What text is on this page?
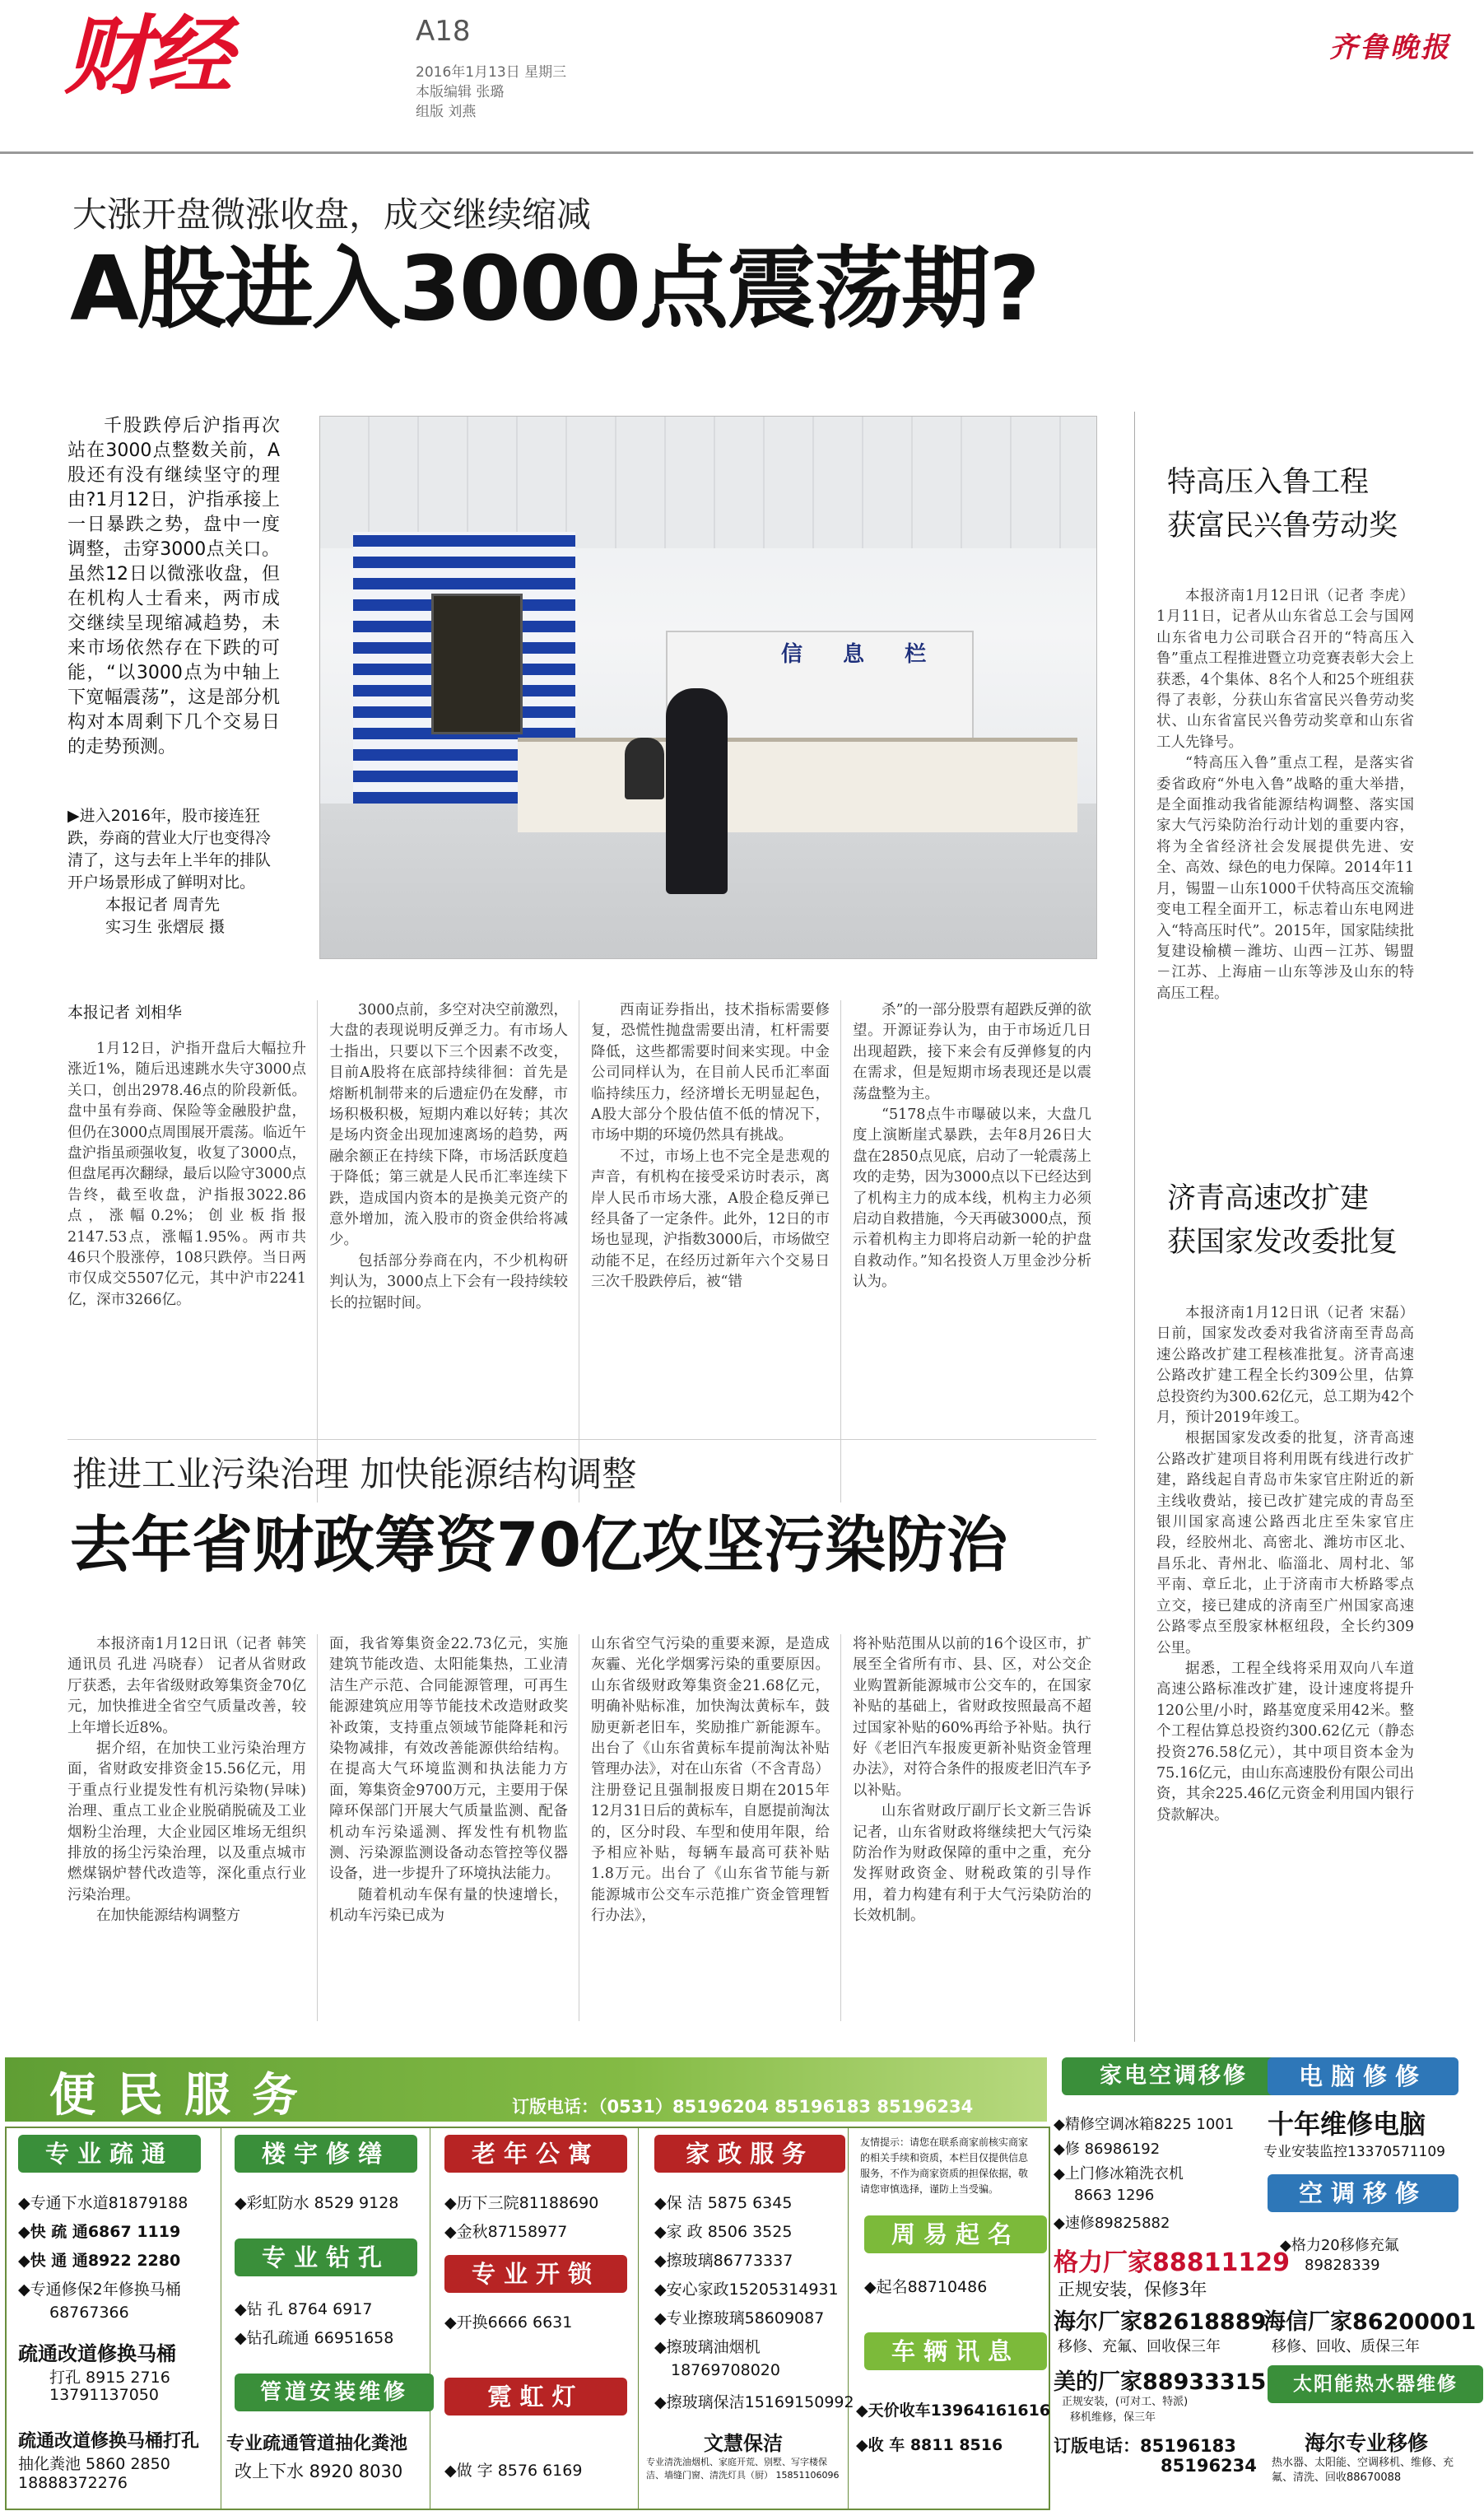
财经	A18
2016年1月13日 星期三
本版编辑 张璐
组版 刘燕
齐鲁晚报
大涨开盘微涨收盘，成交继续缩减
A股进入3000点震荡期?

千股跌停后沪指再次站在3000点整数关前，A股还有没有继续坚守的理由?1月12日，沪指承接上一日暴跌之势，盘中一度调整，击穿3000点关口。虽然12日以微涨收盘，但在机构人士看来，两市成交继续呈现缩减趋势，未来市场依然存在下跌的可能，“以3000点为中轴上下宽幅震荡”，这是部分机构对本周剩下几个交易日的走势预测。

▶进入2016年，股市接连狂跌，券商的营业大厅也变得冷清了，这与去年上半年的排队开户场景形成了鲜明对比。

本报记者 周青先

实习生 张熠辰 摄

信 息 栏
本报记者 刘相华

1月12日，沪指开盘后大幅拉升涨近1%，随后迅速跳水失守3000点关口，创出2978.46点的阶段新低。盘中虽有券商、保险等金融股护盘，但仍在3000点周围展开震荡。临近午盘沪指虽顽强收复，收复了3000点，但盘尾再次翻绿，最后以险守3000点告终，截至收盘，沪指报3022.86点，涨幅0.2%；创业板指报2147.53点，涨幅1.95%。两市共46只个股涨停，108只跌停。当日两市仅成交5507亿元，其中沪市2241亿，深市3266亿。

3000点前，多空对决空前激烈，大盘的表现说明反弹乏力。有市场人士指出，只要以下三个因素不改变，目前A股将在底部持续徘徊：首先是熔断机制带来的后遗症仍在发酵，市场积极积极，短期内难以好转；其次是场内资金出现加速离场的趋势，两融余额正在持续下降，市场活跃度趋于降低；第三就是人民币汇率连续下跌，造成国内资本的是换美元资产的意外增加，流入股市的资金供给将减少。

包括部分券商在内，不少机构研判认为，3000点上下会有一段持续较长的拉锯时间。

西南证券指出，技术指标需要修复，恐慌性抛盘需要出清，杠杆需要降低，这些都需要时间来实现。中金公司同样认为，在目前人民币汇率面临持续压力，经济增长无明显起色，A股大部分个股估值不低的情况下，市场中期的环境仍然具有挑战。

不过，市场上也不完全是悲观的声音，有机构在接受采访时表示，离岸人民币市场大涨，A股企稳反弹已经具备了一定条件。此外，12日的市场也显现，沪指数3000后，市场做空动能不足，在经历过新年六个交易日三次千股跌停后，被“错

杀”的一部分股票有超跌反弹的欲望。开源证券认为，由于市场近几日出现超跌，接下来会有反弹修复的内在需求，但是短期市场表现还是以震荡盘整为主。

“5178点牛市曝破以来，大盘几度上演断崖式暴跌，去年8月26日大盘在2850点见底，启动了一轮震荡上攻的走势，因为3000点以下已经达到了机构主力的成本线，机构主力必须启动自救措施，今天再破3000点，预示着机构主力即将启动新一轮的护盘自救动作。”知名投资人万里金沙分析认为。

特高压入鲁工程
获富民兴鲁劳动奖

本报济南1月12日讯（记者 李虎） 1月11日，记者从山东省总工会与国网山东省电力公司联合召开的“特高压入鲁”重点工程推进暨立功竞赛表彰大会上获悉，4个集体、8名个人和25个班组获得了表彰，分获山东省富民兴鲁劳动奖状、山东省富民兴鲁劳动奖章和山东省工人先锋号。

“特高压入鲁”重点工程，是落实省委省政府“外电入鲁”战略的重大举措，是全面推动我省能源结构调整、落实国家大气污染防治行动计划的重要内容，将为全省经济社会发展提供先进、安全、高效、绿色的电力保障。2014年11月，锡盟－山东1000千伏特高压交流输变电工程全面开工，标志着山东电网进入“特高压时代”。2015年，国家陆续批复建设榆横－潍坊、山西－江苏、锡盟－江苏、上海庙－山东等涉及山东的特高压工程。

济青高速改扩建
获国家发改委批复

本报济南1月12日讯（记者 宋磊） 日前，国家发改委对我省济南至青岛高速公路改扩建工程核准批复。济青高速公路改扩建工程全长约309公里，估算总投资约为300.62亿元，总工期为42个月，预计2019年竣工。

根据国家发改委的批复，济青高速公路改扩建项目将利用既有线进行改扩建，路线起自青岛市朱家官庄附近的新主线收费站，接已改扩建完成的青岛至银川国家高速公路西北庄至朱家官庄段，经胶州北、高密北、潍坊市区北、昌乐北、青州北、临淄北、周村北、邹平南、章丘北，止于济南市大桥路零点立交，接已建成的济南至广州国家高速公路零点至殷家林枢纽段，全长约309公里。

据悉，工程全线将采用双向八车道高速公路标准改扩建，设计速度将提升120公里/小时，路基宽度采用42米。整个工程估算总投资约300.62亿元（静态投资276.58亿元），其中项目资本金为75.16亿元，由山东高速股份有限公司出资，其余225.46亿元资金利用国内银行贷款解决。

推进工业污染治理 加快能源结构调整
去年省财政筹资70亿攻坚污染防治

本报济南1月12日讯（记者 韩笑 通讯员 孔进 冯晓春） 记者从省财政厅获悉，去年省级财政筹集资金70亿元，加快推进全省空气质量改善，较上年增长近8%。

据介绍，在加快工业污染治理方面，省财政安排资金15.56亿元，用于重点行业提发性有机污染物(异味)治理、重点工业企业脱硝脱硫及工业烟粉尘治理，大企业园区堆场无组织排放的扬尘污染治理，以及重点城市燃煤锅炉替代改造等，深化重点行业污染治理。

在加快能源结构调整方

面，我省筹集资金22.73亿元，实施建筑节能改造、太阳能集热，工业清洁生产示范、合同能源管理，可再生能源建筑应用等节能技术改造财政奖补政策，支持重点领域节能降耗和污染物减排，有效改善能源供给结构。在提高大气环境监测和执法能力方面，筹集资金9700万元，主要用于保障环保部门开展大气质量监测、配备机动车污染遥测、挥发性有机物监测、污染源监测设备动态管控等仪器设备，进一步提升了环境执法能力。

随着机动车保有量的快速增长，机动车污染已成为

山东省空气污染的重要来源，是造成灰霾、光化学烟雾污染的重要原因。山东省级财政筹集资金21.68亿元，明确补贴标准，加快淘汰黄标车，鼓励更新老旧车，奖励推广新能源车。出台了《山东省黄标车提前淘汰补贴管理办法》，对在山东省（不含青岛）注册登记且强制报废日期在2015年12月31日后的黄标车，自愿提前淘汰的，区分时段、车型和使用年限，给予相应补贴，每辆车最高可获补贴1.8万元。出台了《山东省节能与新能源城市公交车示范推广资金管理暂行办法》，

将补贴范围从以前的16个设区市，扩展至全省所有市、县、区，对公交企业购置新能源城市公交车的，在国家补贴的基础上，省财政按照最高不超过国家补贴的60%再给予补贴。执行好《老旧汽车报废更新补贴资金管理办法》，对符合条件的报废老旧汽车予以补贴。

山东省财政厅副厅长文新三告诉记者，山东省财政将继续把大气污染防治作为财政保障的重中之重，充分发挥财政资金、财税政策的引导作用，着力构建有利于大气污染防治的长效机制。

便民服务	订版电话：（0531）85196204 85196183 85196234
专业疏通
◆专通下水道81879188
◆快 疏 通6867 1119
◆快 通 通8922 2280
◆专通修保2年修换马桶
68767366
疏通改道修换马桶
打孔 8915 2716
13791137050
疏通改道修换马桶打孔
抽化粪池 5860 2850
18888372276
楼宇修缮
◆彩虹防水 8529 9128
专业钻孔
◆钻 孔 8764 6917
◆钻孔疏通 66951658
管道安装维修
专业疏通管道抽化粪池
改上下水 8920 8030
老年公寓
◆历下三院81188690
◆金秋87158977
专业开锁
◆开换6666 6631
霓虹灯
◆做 字 8576 6169
家政服务
◆保 洁 5875 6345
◆家 政 8506 3525
◆擦玻璃86773337
◆安心家政15205314931
◆专业擦玻璃58609087
◆擦玻璃油烟机
18769708020
◆擦玻璃保洁15169150992
文慧保洁
专业清洗油烟机、家庭开荒、别墅、写字楼保洁、墙缝门窗、清洗灯具（厨） 15851106096
友情提示：请您在联系商家前核实商家的相关手续和资质，本栏目仅提供信息服务，不作为商家资质的担保依据，敬请您审慎选择，谨防上当受骗。
周易起名
◆起名88710486
车辆讯息
◆天价收车13964161616
◆收 车 8811 8516
家电空调移修	电脑修修
◆精修空调冰箱8225 1001
◆修 86986192
◆上门修冰箱洗衣机
8663 1296
◆速修89825882
十年维修电脑
专业安装监控13370571109
空调移修
◆格力20移修充氟
89828339
格力厂家88811129
正规安装，保修3年
海尔厂家82618889
移修、充氟、回收保三年
海信厂家86200001
移修、回收、质保三年
美的厂家88933315
正规安装，(可对工、特派)
移机维修，保三年
太阳能热水器维修
订版电话：85196183
85196234
海尔专业移修
热水器、太阳能、空调移机、维修、充氟、清洗、回收88670088
